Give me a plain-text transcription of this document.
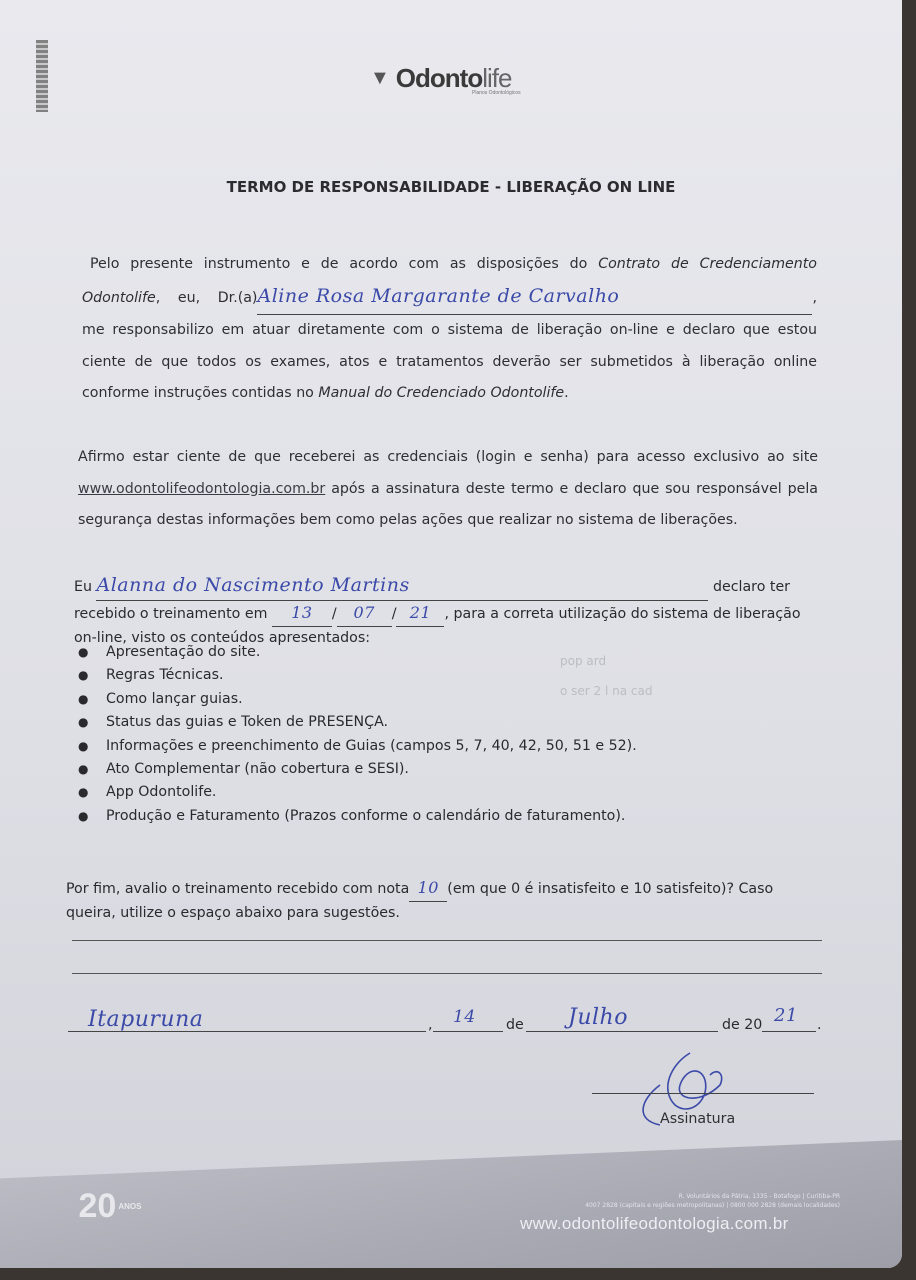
▼ Odontolife
Planos Odontológicos
TERMO DE RESPONSABILIDADE - LIBERAÇÃO ON LINE
Pelo presente instrumento e de acordo com as disposições do Contrato de Credenciamento Odontolife, eu, Dr.(a)Aline Rosa Margarante de Carvalho	, me responsabilizo em atuar diretamente com o sistema de liberação on-line e declaro que estou ciente de que todos os exames, atos e tratamentos deverão ser submetidos à liberação online conforme instruções contidas no Manual do Credenciado Odontolife.
Afirmo estar ciente de que receberei as credenciais (login e senha) para acesso exclusivo ao site www.odontolifeodontologia.com.br após a assinatura deste termo e declaro que sou responsável pela segurança destas informações bem como pelas ações que realizar no sistema de liberações.
Eu Alanna do Nascimento Martins	declaro ter
recebido o treinamento em 13 / 07 / 21 , para a correta utilização do sistema de liberação on-line, visto os conteúdos apresentados:
●	Apresentação do site.
●	Regras Técnicas.
●	Como lançar guias.
●	Status das guias e Token de PRESENÇA.
●	Informações e preenchimento de Guias (campos 5, 7, 40, 42, 50, 51 e 52).
●	Ato Complementar (não cobertura e SESI).
●	App Odontolife.
●	Produção e Faturamento (Prazos conforme o calendário de faturamento).
Por fim, avalio o treinamento recebido com nota 10 (em que 0 é insatisfeito e 10 satisfeito)? Caso queira, utilize o espaço abaixo para sugestões.
Itapuruna	, 14 de Julho	de 20 21 .
Assinatura
pop ard
o ser 2 l na cad
20 ANOS
R. Voluntários da Pátria, 1335 - Botafogo | Curitiba-PR
4007 2828 (capitais e regiões metropolitanas) | 0800 000 2828 (demais localidades)
www.odontolifeodontologia.com.br
